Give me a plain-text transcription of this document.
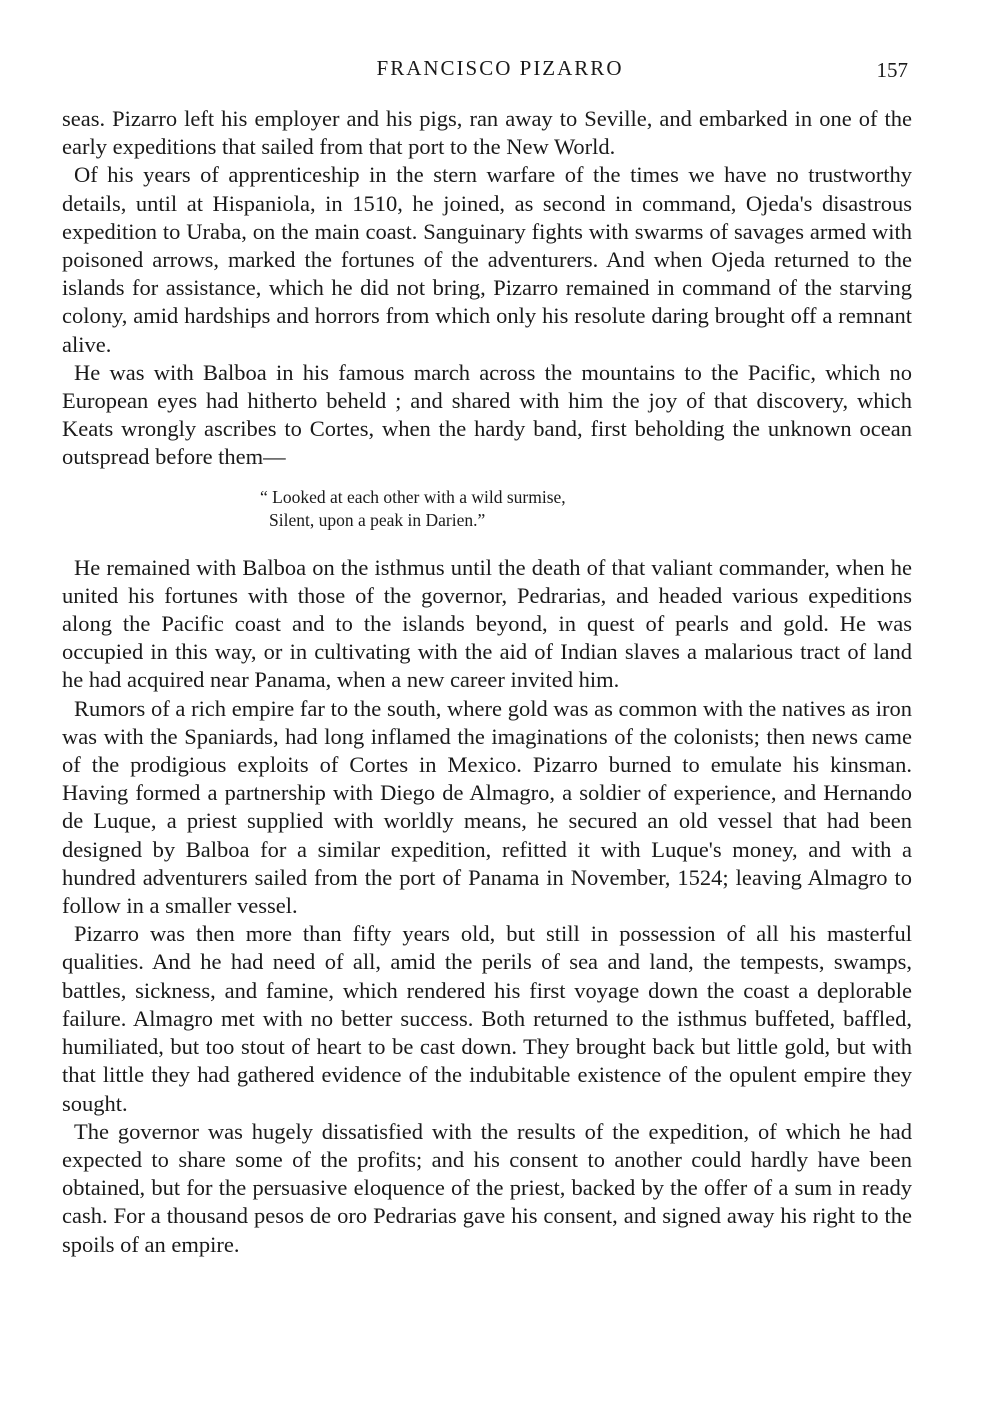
FRANCISCO PIZARRO	157

seas. Pizarro left his employer and his pigs, ran away to Seville, and embarked in one of the early expeditions that sailed from that port to the New World.

Of his years of apprenticeship in the stern warfare of the times we have no trustworthy details, until at Hispaniola, in 1510, he joined, as second in command, Ojeda's disastrous expedition to Uraba, on the main coast. Sanguinary fights with swarms of savages armed with poisoned arrows, marked the fortunes of the adventurers. And when Ojeda returned to the islands for assistance, which he did not bring, Pizarro remained in command of the starving colony, amid hardships and horrors from which only his resolute daring brought off a remnant alive.

He was with Balboa in his famous march across the mountains to the Pacific, which no European eyes had hitherto beheld ; and shared with him the joy of that discovery, which Keats wrongly ascribes to Cortes, when the hardy band, first beholding the unknown ocean outspread before them—

“ Looked at each other with a wild surmise,
Silent, upon a peak in Darien.”

He remained with Balboa on the isthmus until the death of that valiant commander, when he united his fortunes with those of the governor, Pedrarias, and headed various expeditions along the Pacific coast and to the islands beyond, in quest of pearls and gold. He was occupied in this way, or in cultivating with the aid of Indian slaves a malarious tract of land he had acquired near Panama, when a new career invited him.

Rumors of a rich empire far to the south, where gold was as common with the natives as iron was with the Spaniards, had long inflamed the imaginations of the colonists; then news came of the prodigious exploits of Cortes in Mexico. Pizarro burned to emulate his kinsman. Having formed a partnership with Diego de Almagro, a soldier of experience, and Hernando de Luque, a priest supplied with worldly means, he secured an old vessel that had been designed by Balboa for a similar expedition, refitted it with Luque's money, and with a hundred adventurers sailed from the port of Panama in November, 1524; leaving Almagro to follow in a smaller vessel.

Pizarro was then more than fifty years old, but still in possession of all his masterful qualities. And he had need of all, amid the perils of sea and land, the tempests, swamps, battles, sickness, and famine, which rendered his first voyage down the coast a deplorable failure. Almagro met with no better success. Both returned to the isthmus buffeted, baffled, humiliated, but too stout of heart to be cast down. They brought back but little gold, but with that little they had gathered evidence of the indubitable existence of the opulent empire they sought.

The governor was hugely dissatisfied with the results of the expedition, of which he had expected to share some of the profits; and his consent to another could hardly have been obtained, but for the persuasive eloquence of the priest, backed by the offer of a sum in ready cash. For a thousand pesos de oro Pedrarias gave his consent, and signed away his right to the spoils of an empire.
